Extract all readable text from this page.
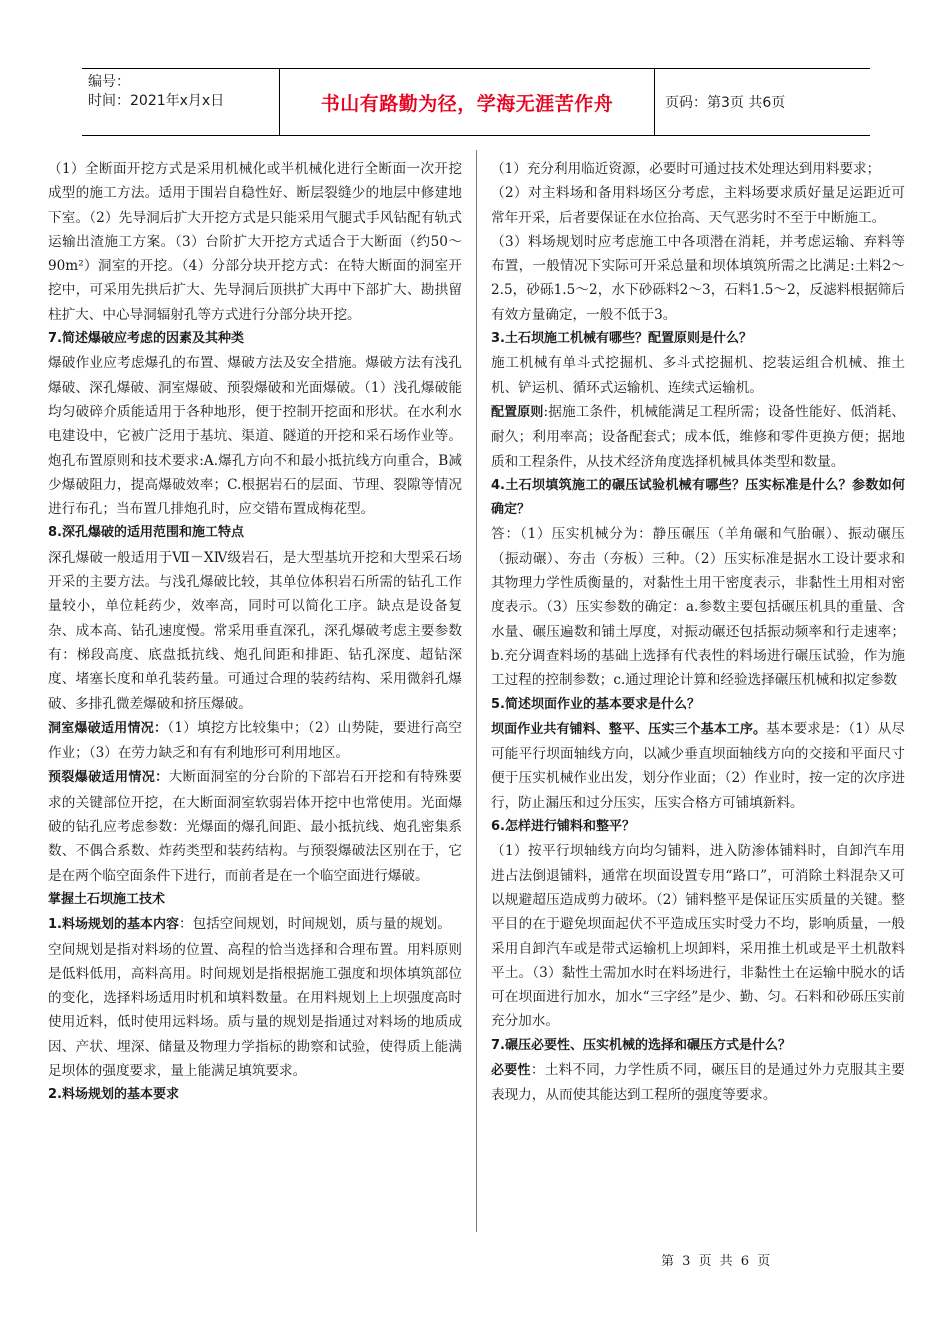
编号：
时间：2021年x月x日	书山有路勤为径，学海无涯苦作舟	页码：第3页 共6页

（1）全断面开挖方式是采用机械化或半机械化进行全断面一次开挖成型的施工方法。适用于围岩自稳性好、断层裂缝少的地层中修建地下室。（2）先导洞后扩大开挖方式是只能采用气腿式手风钻配有轨式运输出渣施工方案。（3）台阶扩大开挖方式适合于大断面（约50～90m²）洞室的开挖。（4）分部分块开挖方式：在特大断面的洞室开挖中，可采用先拱后扩大、先导洞后顶拱扩大再中下部扩大、勘拱留柱扩大、中心导洞辐射孔等方式进行分部分块开挖。

7.简述爆破应考虑的因素及其种类

爆破作业应考虑爆孔的布置、爆破方法及安全措施。爆破方法有浅孔爆破、深孔爆破、洞室爆破、预裂爆破和光面爆破。（1）浅孔爆破能均匀破碎介质能适用于各种地形，便于控制开挖面和形状。在水利水电建设中，它被广泛用于基坑、渠道、隧道的开挖和采石场作业等。炮孔布置原则和技术要求:A.爆孔方向不和最小抵抗线方向重合，B减少爆破阻力，提高爆破效率；C.根据岩石的层面、节理、裂隙等情况进行布孔；当布置几排炮孔时，应交错布置成梅花型。

8.深孔爆破的适用范围和施工特点

深孔爆破一般适用于Ⅶ－ⅩⅣ级岩石，是大型基坑开挖和大型采石场开采的主要方法。与浅孔爆破比较，其单位体积岩石所需的钻孔工作量较小，单位耗药少，效率高，同时可以简化工序。缺点是设备复杂、成本高、钻孔速度慢。常采用垂直深孔，深孔爆破考虑主要参数有：梯段高度、底盘抵抗线、炮孔间距和排距、钻孔深度、超钻深度、堵塞长度和单孔装药量。可通过合理的装药结构、采用微斜孔爆破、多排孔微差爆破和挤压爆破。

洞室爆破适用情况：（1）填挖方比较集中；（2）山势陡，要进行高空作业；（3）在劳力缺乏和有有利地形可利用地区。

预裂爆破适用情况：大断面洞室的分台阶的下部岩石开挖和有特殊要求的关键部位开挖，在大断面洞室软弱岩体开挖中也常使用。光面爆破的钻孔应考虑参数：光爆面的爆孔间距、最小抵抗线、炮孔密集系数、不偶合系数、炸药类型和装药结构。与预裂爆破法区别在于，它是在两个临空面条件下进行，而前者是在一个临空面进行爆破。

掌握土石坝施工技术

1.料场规划的基本内容：包括空间规划，时间规划，质与量的规划。

空间规划是指对料场的位置、高程的恰当选择和合理布置。用料原则是低料低用，高料高用。时间规划是指根据施工强度和坝体填筑部位的变化，选择料场适用时机和填料数量。在用料规划上上坝强度高时使用近料，低时使用远料场。质与量的规划是指通过对料场的地质成因、产状、埋深、储量及物理力学指标的勘察和试验，使得质上能满足坝体的强度要求，量上能满足填筑要求。

2.料场规划的基本要求

（1）充分利用临近资源，必要时可通过技术处理达到用料要求；

（2）对主料场和备用料场区分考虑，主料场要求质好量足运距近可常年开采，后者要保证在水位抬高、天气恶劣时不至于中断施工。

（3）料场规划时应考虑施工中各项潜在消耗，并考虑运输、弃料等布置，一般情况下实际可开采总量和坝体填筑所需之比满足:土料2～2.5，砂砾1.5～2，水下砂砾料2～3，石料1.5～2，反滤料根据筛后有效方量确定，一般不低于3。

3.土石坝施工机械有哪些？配置原则是什么？

施工机械有单斗式挖掘机、多斗式挖掘机、挖装运组合机械、推土机、铲运机、循环式运输机、连续式运输机。

配置原则:据施工条件，机械能满足工程所需；设备性能好、低消耗、耐久；利用率高；设备配套式；成本低，维修和零件更换方便；据地质和工程条件，从技术经济角度选择机械具体类型和数量。

4.土石坝填筑施工的碾压试验机械有哪些？压实标准是什么？参数如何确定？

答：（1）压实机械分为：静压碾压（羊角碾和气胎碾）、振动碾压（振动碾）、夯击（夯板）三种。（2）压实标准是据水工设计要求和其物理力学性质衡量的，对黏性土用干密度表示，非黏性土用相对密度表示。（3）压实参数的确定：a.参数主要包括碾压机具的重量、含水量、碾压遍数和铺土厚度，对振动碾还包括振动频率和行走速率；b.充分调查料场的基础上选择有代表性的料场进行碾压试验，作为施工过程的控制参数；c.通过理论计算和经验选择碾压机械和拟定参数

5.简述坝面作业的基本要求是什么？

坝面作业共有铺料、整平、压实三个基本工序。基本要求是：（1）从尽可能平行坝面轴线方向，以减少垂直坝面轴线方向的交接和平面尺寸便于压实机械作业出发，划分作业面；（2）作业时，按一定的次序进行，防止漏压和过分压实，压实合格方可铺填新料。

6.怎样进行铺料和整平？

（1）按平行坝轴线方向均匀铺料，进入防渗体铺料时，自卸汽车用进占法倒退铺料，通常在坝面设置专用“路口”，可消除土料混杂又可以规避超压造成剪力破坏。（2）铺料整平是保证压实质量的关键。整平目的在于避免坝面起伏不平造成压实时受力不均，影响质量，一般采用自卸汽车或是带式运输机上坝卸料，采用推土机或是平土机散料平土。（3）黏性土需加水时在料场进行，非黏性土在运输中脱水的话可在坝面进行加水，加水“三字经”是少、勤、匀。石料和砂砾压实前充分加水。

7.碾压必要性、压实机械的选择和碾压方式是什么？

必要性：土料不同，力学性质不同，碾压目的是通过外力克服其主要表现力，从而使其能达到工程所的强度等要求。

第 3 页 共 6 页
